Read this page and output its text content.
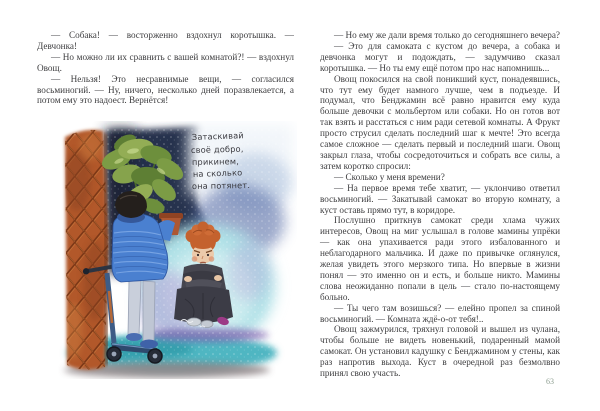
— Собака! — восторженно вздохнул коротышка. — Девчонка!

— Но можно ли их сравнить с вашей комнатой?! — вздохнул Овощ.

— Нельзя! Это несравнимые вещи, — согласился восьминогий. — Ну, ничего, несколько дней поразвлекается, а потом ему это надоест. Вернётся!

Затаскивай
своё добро,
прикинем,
на сколько
она потянет.

— Но ему же дали время только до сегодняшнего вечера?

— Это для самоката с кустом до вечера, а собака и девчонка могут и подождать, — задумчиво сказал коротышка. — Но ты ему ещё потом про нас напомнишь...

Овощ покосился на свой поникший куст, понадеявшись, что тут ему будет намного лучше, чем в подъезде. И подумал, что Бенджамин всё равно нравится ему куда больше девочки с мольбертом или собаки. Но он готов вот так взять и расстаться с ним ради сетевой комнаты. А Фрукт просто струсил сделать последний шаг к мечте! Это всегда самое сложное — сделать первый и последний шаги. Овощ закрыл глаза, чтобы сосредоточиться и собрать все силы, а затем коротко спросил:

— Сколько у меня времени?

— На первое время тебе хватит, — уклончиво ответил восьминогий. — Закатывай самокат во вторую комнату, а куст оставь прямо тут, в коридоре.

Послушно приткнув самокат среди хлама чужих интересов, Овощ на миг услышал в голове мамины упрёки — как она упахивается ради этого избалованного и неблагодарного мальчика. И даже по привычке оглянулся, желая увидеть этого мерзкого типа. Но впервые в жизни понял — это именно он и есть, и больше никто. Мамины слова неожиданно попали в цель — стало по-настоящему больно.

— Ты чего там возишься? — елейно пропел за спиной восьминогий. — Комната ждё-о-от тебя!..

Овощ зажмурился, тряхнул головой и вышел из чулана, чтобы больше не видеть новенький, подаренный мамой самокат. Он установил кадушку с Бенджамином у стены, как раз напротив выхода. Куст в очередной раз безмолвно принял свою участь.

63
